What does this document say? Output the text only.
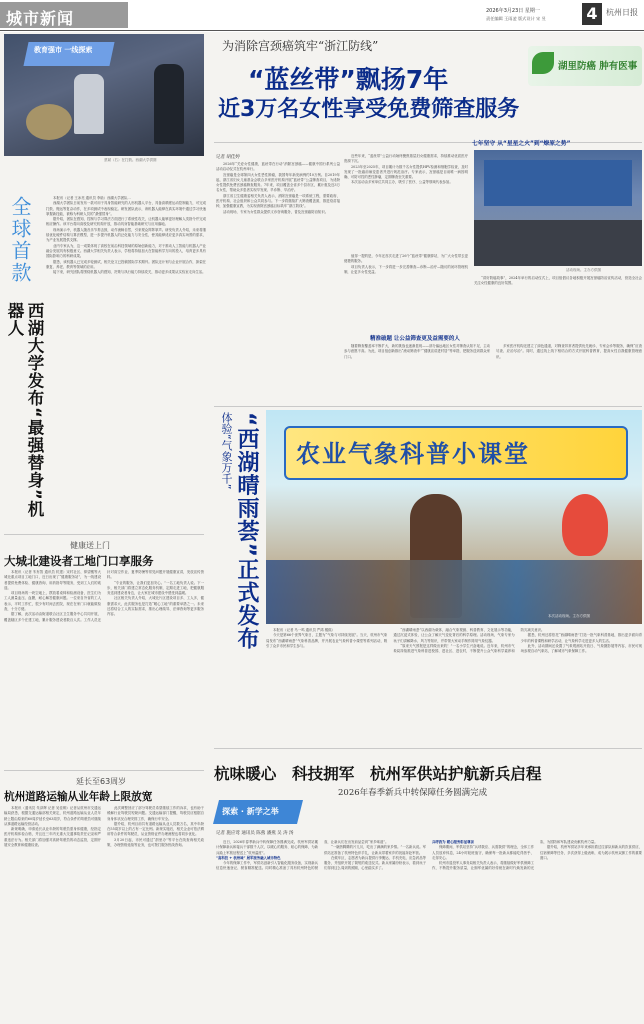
城市新闻	2026年3月23日 星期一
责任编辑 王雨凌 版式设计 宋 昱	4	杭州日报
教育强市 一线探索
蔡斌（右）在打鼓。西湖大学供图
全球首款
西湖大学发布“最强替身”机器人

本报讯（记者 王冰亮 通讯员 李晗）西湖大学团队...

西湖大学团队日前发布一款可用于具身智能研究的人形机器人平台，具备高精度运动控制能力，可完成打鼓、搬运等复杂动作，在多项测试中表现稳定。研发团队表示，该机器人能够在真实环境中通过学习快速掌握新技能，被称为科研人员的“最强替身”。

据介绍，团队在感知、控制与学习算法方面进行了系统性攻关，让机器人能够更好理解人类指令并完成相应操作。该平台将向高校及研究机构开放，推动具身智能基础研究与应用落地。

现场演示中，机器人随音乐节奏击鼓，动作流畅自然，引来观众阵阵掌声。研发负责人介绍，未来将继续优化硬件结构与算法模型，进一步提升机器人的泛化能力与安全性，使其能够适应更多真实场景的需求，为产业发展提供支撑。

业内专家认为，这一成果体现了高校在前沿科技领域的原始创新能力，对于推动人工智能与机器人产业融合发展具有积极意义。西湖大学相关负责人表示，学校将持续加大在智能科学方向的投入，培育更多具有国际影响力的科研成果。

据悉，该机器人已完成多轮测试，相关论文已投稿国际学术期刊。团队还计划与企业开展合作，探索在康复、养老、教育等领域的应用。

接下来，研究团队将围绕机器人的感知、决策与执行能力持续攻关，推动更多成果从实验室走向生活。

健康送上门
大城北建设者工地门口享服务

本报讯（记者 朱有智 通讯员 杭建）宋村社区、仰望楼等大城北重点项目工地门口，近日出现了“健康服务站”，为一线建设者提供免费体检、健康咨询、用药指导等服务，受到工人们的欢迎。

项目现场的一块空地上，摆放着桌椅和检测设备，医生们为工人测量血压、血糖，耐心解答健康问题。一位来自外省的工人表示，平时工作忙，很少有时间去医院，现在在家门口就能做检查，十分方便。

据了解，此次活动由街道联合社区卫生服务中心共同开展，覆盖辖区多个在建工地，累计服务建设者数百人次。工作人员还针对高空作业、夏季防暑等常见问题开展健康宣讲，发放宣传资料。

“专业的服务，让我们更加安心。”一名工地负责人说。下一步，相关部门将建立常态化服务机制，定期走进工地，把健康服务送到建设者身边，让大家在城市建设中感受到温暖。

社区相关负责人介绍，大城北片区建设项目多、工人多，健康需求大，此次服务也是打造“暖心工地”的重要举措之一。未来还将结合工人的实际需求，推出心理疏导、法律咨询等更多服务内容。

延长至63周岁
杭州道路运输从业年龄上限放宽

本报讯（通讯员 朱泽辉 记者 吴佳桐）记者从杭州市交通运输局获悉，根据交通运输部相关规定，杭州道路运输从业人员年龄上限由原来的60周岁延长至63周岁，符合条件的驾驶员可继续从事道路运输经营活动。

新规明确，申请延长从业年龄的驾驶员需身体健康，经指定医疗机构体检合格，并且近三年内无重大交通事故责任记录和严重违法行为。相关部门将加强对高龄驾驶员的动态监管，定期开展安全教育和健康检查。

此次调整回应了部分驾驶员希望继续工作的诉求，也有助于缓解行业驾驶员短缺问题。交通运输部门提醒，驾驶员应根据自身身体状况合理安排工作，确保行车安全。

据介绍，杭州目前共有道路运输从业人员数万名，其中年龄在55周岁以上的占有一定比例。新规实施后，相关企业可依法聘用符合条件的驾驶员，从业资格证件办理流程也将同步优化。

3月20日起，市民可通过“浙里办”等平台在线查询相关政策，办理资格延续等业务，也可拨打服务热线咨询。

为消除宫颈癌筑牢“浙江防线”
“蓝丝带”飘扬7年
近3万名女性享受免费筛查服务
湖里防癌 肿有医事
记者 胡佳婷

2026年“关爱女性健康，蓝丝带在行动”消除宫颈癌——健康中国行系列公益活动启动仪式在杭州举行。

宫颈癌是全球第四大女性恶性肿瘤，我国每年新发病例约10万例。自2019年起，浙江省妇女儿童基金会联合多家医疗机构开展“蓝丝带”公益筛查项目，为适龄女性提供免费宫颈癌筛查服务。7年来，项目覆盖全省多个县市区，累计惠及近3万名女性，帮助众多患者实现早发现、早诊断、早治疗。

浙江省卫生健康委相关负责人表示，消除宫颈癌是一项系统工程，需要政府、医疗机构、社会组织和公众共同参与。下一步将继续扩大筛查覆盖面，推进疫苗接种，加强健康宣教，为实现消除宫颈癌目标筑牢“浙江防线”。

活动现场，专家为女性群众提供义诊咨询服务，普及宫颈癌防治知识。

近些年来，“蓝丝带”公益行动始终聚焦基层妇女健康需求，持续推动优质医疗资源下沉。

2023年至2025年，项目累计为数千名女性提供HPV检测和细胞学检查，及时发现了一批癌前病变患者并进行规范治疗。专家表示，宫颈癌是目前唯一病因明确、可防可控的恶性肿瘤，定期筛查至关重要。

本次活动由多家单位共同主办，吸引了医疗、公益等领域代表参加。

七年坚守 从“星星之火”到“燎原之势”
活动现场。主办方供图

值得一提的是，今年还首次走进了26个“蓝丝带”健康驿站，为广大女性带去更便捷的服务。

项目负责人表示，下一步将进一步完善筛查—诊断—治疗—随访的闭环管理机制，让更多女性受益。

“讲好防癌故事”，2024年举行的启动仪式上，项目组倡议各地积极开展宫颈癌防治宣传活动，营造全社会关注女性健康的良好氛围。

精准破题 让公益筛查更及益需要的人

随着筛查覆盖率不断扩大，新的挑战也逐渐显现——部分偏远地区女性对筛查认知不足，主动参与意愿不高。为此，项目组创新推出“流动筛查车”“健康宣讲进村居”等举措，把服务送到群众家门口。

多家医疗机构还建立了绿色通道，对筛查异常者提供优先就诊、专家会诊等服务，确保“应查尽查、应治尽治”。同时，通过线上线下相结合的方式开展科普教育，提高女性自我健康管理意识。

体验“气象万千” “西湖晴雨荟”正式发布 农业气象科普小课堂
本次活动现场。主办方供图

本报讯（记者 马一鸣 通讯员 严鸿 楼熙）

今天是第66个世界气象日，主题为“气象与可持续发展”。当天，杭州市气象局发布“西湖晴雨荟”气象科普品牌，并开展农业气象科普小课堂等系列活动，吸引了众多市民和学生参与。

“西湖晴雨荟”以西湖为载体，融合气象观测、科普教育、文化展示等功能，通过沉浸式体验，让公众了解天气变化背后的科学原理。活动现场，气象专家为孩子们讲解降水、风力等知识，并带领大家动手制作简易气象仪器。

“原来天气预报是这样做出来的！”一名小学生兴奋地说。近年来，杭州市气象局持续推进气象科普进校园、进社区、进农村，不断提升公众气象科学素养和防灾减灾意识。

据悉，杭州还将依托“西湖晴雨荟”打造一批气象科普基地，推出更多面向青少年的科普课程和研学活动，让气象科学走进更多人的生活。

此外，活动期间还设置了气象观测站开放日、气象摄影展等内容，市民可现场参观自动气象站，了解城市气象保障工作。

杭味暖心　科技拥军　杭州军供站护航新兵启程
2026年春季新兵中转保障任务圆满完成
探索 · 新学之举
记者 施应莺 通讯员 陈燕 潘燕 吴 涛 汤

近日，2026年春季新兵中转保障任务圆满完成。杭州军供站累计保障新兵和接兵干部数千人次，以暖心的服务、贴心的保障，为新兵踏上军旅征程送上“杭州温度”。

“高科技 + 杭州味” 展军旅务融入城市特色

今年的保障工作中，军供站创新引入智能化服务设备，实现新兵信息快速登记、餐食精准配送。同时精心准备了具有杭州特色的餐食，让新兵们在出发前品尝到“家乡味道”。

“一碗热腾腾的片儿川，吃出了满满的家乡情。”一名新兵说。军供站还准备了杭州特色伴手礼，让新兵带着家乡的祝福奔赴军营。

在候车区，志愿者为新兵提供行李搬运、手机充电、应急药品等服务，并组织开展了简短的欢送仪式。新兵家属纷纷表示，看到孩子们得到这么周到的照顾，心里踏实多了。

兵呼我为 暖心服务彰显尊崇

保障期间，军供站坚持“兵呼我应、兵需我供”的理念，全体工作人员放弃休息，24小时轮班值守，确保每一批新兵都能吃得热乎、走得安心。

杭州市退役军人事务局相关负责人表示，将继续做好军供保障工作，不断提升服务质量，让拥军优属的好传统在新时代焕发新的光彩，为国防和军队建设贡献杭州力量。

据介绍，杭州军供站多年来承担着过往部队和新兵的饮食供应、住宿保障等任务，多次获得上级表彰，成为展示杭州双拥工作的重要窗口。
